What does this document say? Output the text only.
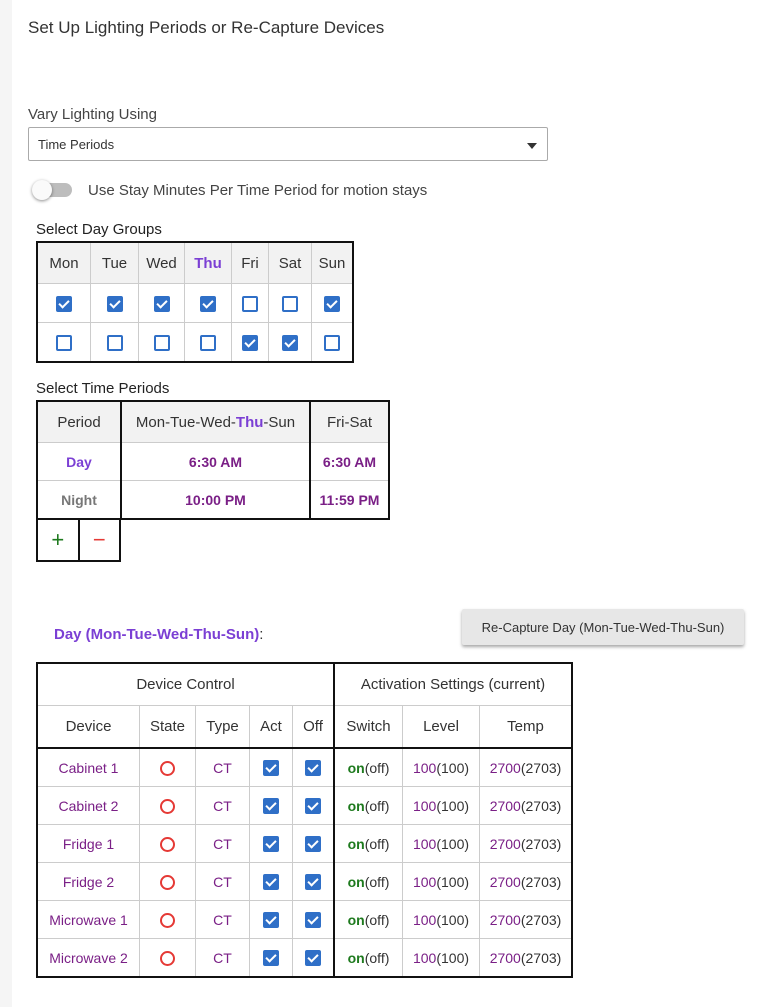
Set Up Lighting Periods or Re-Capture Devices
Vary Lighting Using
Time Periods
Use Stay Minutes Per Time Period for motion stays
Select Day Groups
Mon	Tue	Wed	Thu	Fri	Sat	Sun

Select Time Periods
Period	Mon-Tue-Wed-Thu-Sun	Fri-Sat
Day	6:30 AM	6:30 AM
Night	10:00 PM	11:59 PM
+	−
Day (Mon-Tue-Wed-Thu-Sun):	Re-Capture Day (Mon-Tue-Wed-Thu-Sun)
Device Control					Activation Settings (current)		
Device	State	Type	Act	Off	Switch	Level	Temp
Cabinet 1		CT			on(off)	100(100)	2700(2703)
Cabinet 2		CT			on(off)	100(100)	2700(2703)
Fridge 1		CT			on(off)	100(100)	2700(2703)
Fridge 2		CT			on(off)	100(100)	2700(2703)
Microwave 1		CT			on(off)	100(100)	2700(2703)
Microwave 2		CT			on(off)	100(100)	2700(2703)
